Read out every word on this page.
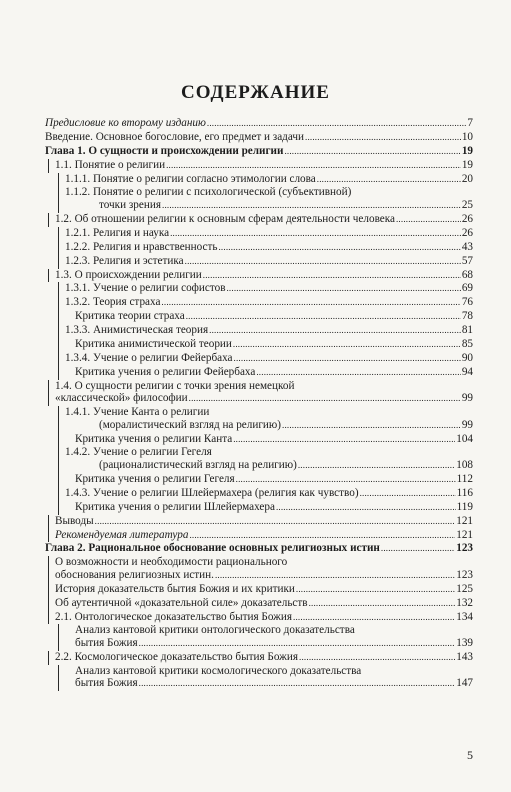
СОДЕРЖАНИЕ
Предисловие ко второму изданию .....	7
Введение. Основное богословие, его предмет и задачи .....	10
Глава 1. О сущности и происхождении религии .....	19
1.1. Понятие о религии .....	19
1.1.1. Понятие о религии согласно этимологии слова .....	20
1.1.2. Понятие о религии с психологической (субъективной)
точки зрения .....	25
1.2. Об отношении религии к основным сферам деятельности человека .....	26
1.2.1. Религия и наука .....	26
1.2.2. Религия и нравственность .....	43
1.2.3. Религия и эстетика .....	57
1.3. О происхождении религии .....	68
1.3.1. Учение о религии софистов .....	69
1.3.2. Теория страха .....	76
Критика теории страха .....	78
1.3.3. Анимистическая теория .....	81
Критика анимистической теории .....	85
1.3.4. Учение о религии Фейербаха .....	90
Критика учения о религии Фейербаха .....	94
1.4. О сущности религии с точки зрения немецкой
«классической» философии .....	99
1.4.1. Учение Канта о религии
(моралистический взгляд на религию) .....	99
Критика учения о религии Канта .....	104
1.4.2. Учение о религии Гегеля
(рационалистический взгляд на религию) .....	108
Критика учения о религии Гегеля .....	112
1.4.3. Учение о религии Шлейермахера (религия как чувство) .....	116
Критика учения о религии Шлейермахера .....	119
Выводы .....	121
Рекомендуемая литература .....	121
Глава 2. Рациональное обоснование основных религиозных истин .....	123
О возможности и необходимости рационального
обоснования религиозных истин. .....	123
История доказательств бытия Божия и их критики .....	125
Об аутентичной «доказательной силе» доказательств .....	132
2.1. Онтологическое доказательство бытия Божия .....	134
Анализ кантовой критики онтологического доказательства
бытия Божия .....	139
2.2. Космологическое доказательство бытия Божия .....	143
Анализ кантовой критики космологического доказательства
бытия Божия .....	147
5
